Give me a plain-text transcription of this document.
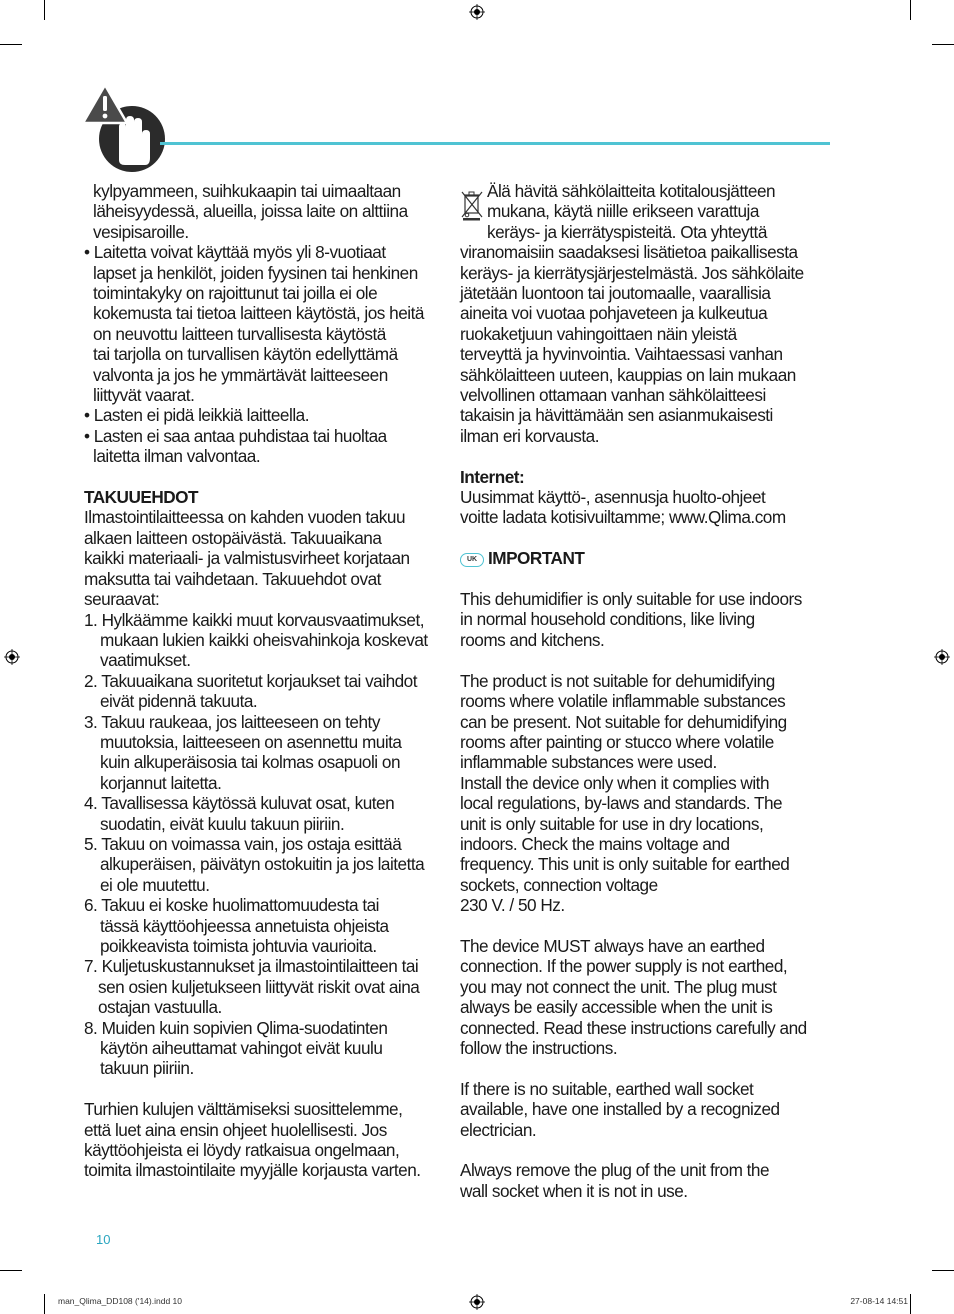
kylpyammeen, suihkukaapin tai uimaaltaan

läheisyydessä, alueilla, joissa laite on alttiina

vesipisaroille.

• Laitetta voivat käyttää myös yli 8-vuotiaat

lapset ja henkilöt, joiden fyysinen tai henkinen

toimintakyky on rajoittunut tai joilla ei ole

kokemusta tai tietoa laitteen käytöstä, jos heitä

on neuvottu laitteen turvallisesta käytöstä

tai tarjolla on turvallisen käytön edellyttämä

valvonta ja jos he ymmärtävät laitteeseen

liittyvät vaarat.

• Lasten ei pidä leikkiä laitteella.

• Lasten ei saa antaa puhdistaa tai huoltaa

laitetta ilman valvontaa.

TAKUUEHDOT

Ilmastointilaitteessa on kahden vuoden takuu

alkaen laitteen ostopäivästä. Takuuaikana

kaikki materiaali- ja valmistusvirheet korjataan

maksutta tai vaihdetaan. Takuuehdot ovat

seuraavat:

1. Hylkäämme kaikki muut korvausvaatimukset,

mukaan lukien kaikki oheisvahinkoja koskevat

vaatimukset.

2. Takuuaikana suoritetut korjaukset tai vaihdot

eivät pidennä takuuta.

3. Takuu raukeaa, jos laitteeseen on tehty

muutoksia, laitteeseen on asennettu muita

kuin alkuperäisosia tai kolmas osapuoli on

korjannut laitetta.

4. Tavallisessa käytössä kuluvat osat, kuten

suodatin, eivät kuulu takuun piiriin.

5. Takuu on voimassa vain, jos ostaja esittää

alkuperäisen, päivätyn ostokuitin ja jos laitetta

ei ole muutettu.

6. Takuu ei koske huolimattomuudesta tai

tässä käyttöohjeessa annetuista ohjeista

poikkeavista toimista johtuvia vaurioita.

7. Kuljetuskustannukset ja ilmastointilaitteen tai

sen osien kuljetukseen liittyvät riskit ovat aina

ostajan vastuulla.

8. Muiden kuin sopivien Qlima-suodatinten

käytön aiheuttamat vahingot eivät kuulu

takuun piiriin.

Turhien kulujen välttämiseksi suosittelemme,

että luet aina ensin ohjeet huolellisesti. Jos

käyttöohjeista ei löydy ratkaisua ongelmaan,

toimita ilmastointilaite myyjälle korjausta varten.

Älä hävitä sähkölaitteita kotitalousjätteen

mukana, käytä niille erikseen varattuja

keräys- ja kierrätyspisteitä. Ota yhteyttä

viranomaisiin saadaksesi lisätietoa paikallisesta

keräys- ja kierrätysjärjestelmästä. Jos sähkölaite

jätetään luontoon tai joutomaalle, vaarallisia

aineita voi vuotaa pohjaveteen ja kulkeutua

ruokaketjuun vahingoittaen näin yleistä

terveyttä ja hyvinvointia. Vaihtaessasi vanhan

sähkölaitteen uuteen, kauppias on lain mukaan

velvollinen ottamaan vanhan sähkölaitteesi

takaisin ja hävittämään sen asianmukaisesti

ilman eri korvausta.

Internet:

Uusimmat käyttö-, asennusja huolto-ohjeet

voitte ladata kotisivuiltamme; www.Qlima.com

UK IMPORTANT

This dehumidifier is only suitable for use indoors

in normal household conditions, like living

rooms and kitchens.

The product is not suitable for dehumidifying

rooms where volatile inflammable substances

can be present. Not suitable for dehumidifying

rooms after painting or stucco where volatile

inflammable substances were used.

Install the device only when it complies with

local regulations, by-laws and standards. The

unit is only suitable for use in dry locations,

indoors. Check the mains voltage and

frequency. This unit is only suitable for earthed

sockets, connection voltage

230 V. / 50 Hz.

The device MUST always have an earthed

connection. If the power supply is not earthed,

you may not connect the unit. The plug must

always be easily accessible when the unit is

connected. Read these instructions carefully and

follow the instructions.

If there is no suitable, earthed wall socket

available, have one installed by a recognized

electrician.

Always remove the plug of the unit from the

wall socket when it is not in use.

10
man_Qlima_DD108 ('14).indd 10	27-08-14 14:51
